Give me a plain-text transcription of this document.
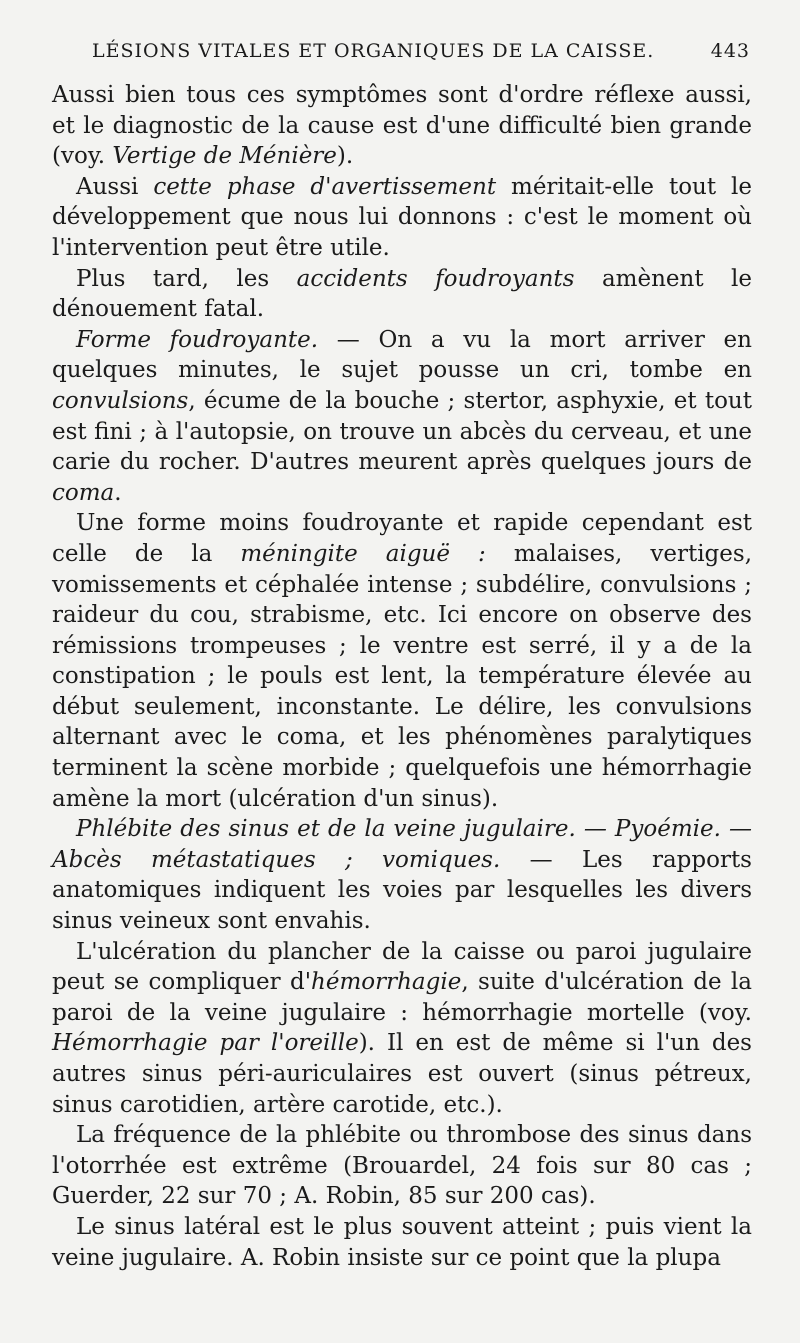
LÉSIONS VITALES ET ORGANIQUES DE LA CAISSE.	443

Aussi bien tous ces symptômes sont d'ordre réflexe aussi, et le diagnostic de la cause est d'une difficulté bien grande (voy. Vertige de Ménière).

Aussi cette phase d'avertissement méritait-elle tout le développement que nous lui donnons : c'est le moment où l'intervention peut être utile.

Plus tard, les accidents foudroyants amènent le dénouement fatal.

Forme foudroyante. — On a vu la mort arriver en quelques minutes, le sujet pousse un cri, tombe en convulsions, écume de la bouche ; stertor, asphyxie, et tout est fini ; à l'autopsie, on trouve un abcès du cerveau, et une carie du rocher. D'autres meurent après quelques jours de coma.

Une forme moins foudroyante et rapide cependant est celle de la méningite aiguë : malaises, vertiges, vomissements et céphalée intense ; subdélire, convulsions ; raideur du cou, strabisme, etc. Ici encore on observe des rémissions trompeuses ; le ventre est serré, il y a de la constipation ; le pouls est lent, la température élevée au début seulement, inconstante. Le délire, les convulsions alternant avec le coma, et les phénomènes paralytiques terminent la scène morbide ; quelquefois une hémorrhagie amène la mort (ulcération d'un sinus).

Phlébite des sinus et de la veine jugulaire. — Pyoémie. — Abcès métastatiques ; vomiques. — Les rapports anatomiques indiquent les voies par lesquelles les divers sinus veineux sont envahis.

L'ulcération du plancher de la caisse ou paroi jugulaire peut se compliquer d'hémorrhagie, suite d'ulcération de la paroi de la veine jugulaire : hémorrhagie mortelle (voy. Hémorrhagie par l'oreille). Il en est de même si l'un des autres sinus péri-auriculaires est ouvert (sinus pétreux, sinus carotidien, artère carotide, etc.).

La fréquence de la phlébite ou thrombose des sinus dans l'otorrhée est extrême (Brouardel, 24 fois sur 80 cas ; Guerder, 22 sur 70 ; A. Robin, 85 sur 200 cas).

Le sinus latéral est le plus souvent atteint ; puis vient la veine jugulaire. A. Robin insiste sur ce point que la plupa
